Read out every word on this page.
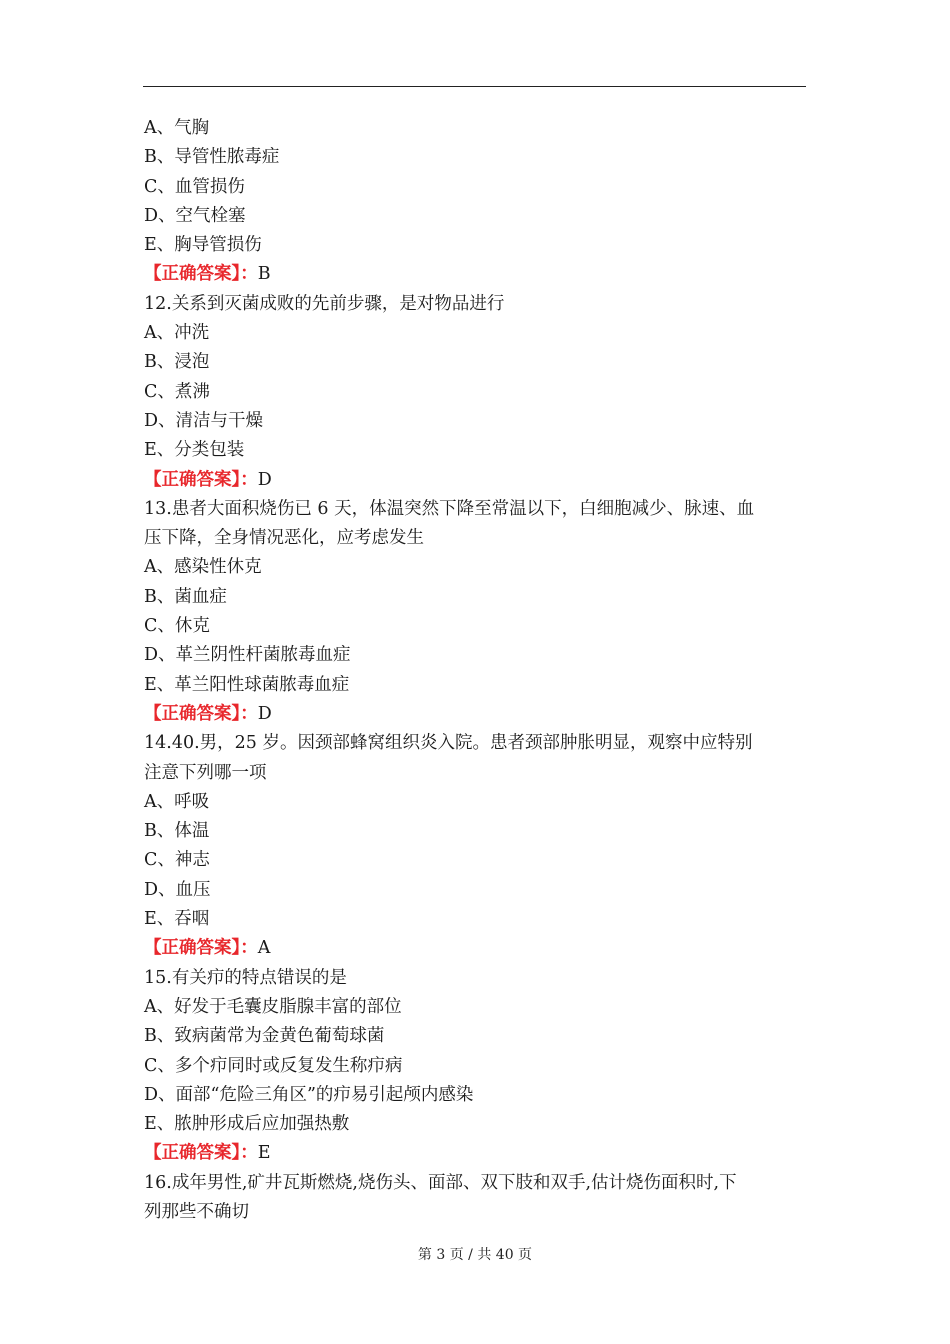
A、气胸
B、导管性脓毒症
C、血管损伤
D、空气栓塞
E、胸导管损伤
【正确答案】：B
12.关系到灭菌成败的先前步骤，是对物品进行
A、冲洗
B、浸泡
C、煮沸
D、清洁与干燥
E、分类包装
【正确答案】：D
13.患者大面积烧伤已 6 天，体温突然下降至常温以下，白细胞减少、脉速、血
压下降，全身情况恶化，应考虑发生
A、感染性休克
B、菌血症
C、休克
D、革兰阴性杆菌脓毒血症
E、革兰阳性球菌脓毒血症
【正确答案】：D
14.40.男，25 岁。因颈部蜂窝组织炎入院。患者颈部肿胀明显，观察中应特别
注意下列哪一项
A、呼吸
B、体温
C、神志
D、血压
E、吞咽
【正确答案】：A
15.有关疖的特点错误的是
A、好发于毛囊皮脂腺丰富的部位
B、致病菌常为金黄色葡萄球菌
C、多个疖同时或反复发生称疖病
D、面部“危险三角区”的疖易引起颅内感染
E、脓肿形成后应加强热敷
【正确答案】：E
16.成年男性,矿井瓦斯燃烧,烧伤头、面部、双下肢和双手,估计烧伤面积时,下
列那些不确切
第 3 页 / 共 40 页
